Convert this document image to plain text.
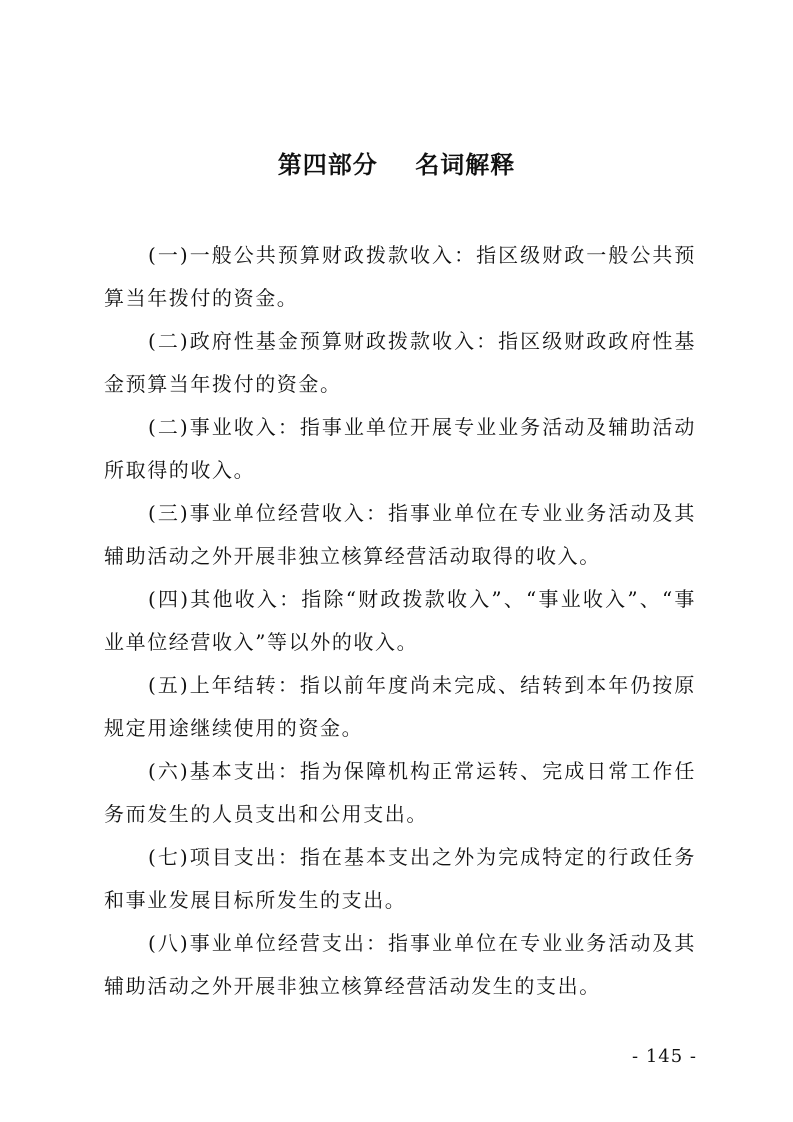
第四部分    名词解释

(一)一般公共预算财政拨款收入：指区级财政一般公共预算当年拨付的资金。

(二)政府性基金预算财政拨款收入：指区级财政政府性基金预算当年拨付的资金。

(二)事业收入：指事业单位开展专业业务活动及辅助活动所取得的收入。

(三)事业单位经营收入：指事业单位在专业业务活动及其辅助活动之外开展非独立核算经营活动取得的收入。

(四)其他收入：指除“财政拨款收入”、“事业收入”、“事业单位经营收入”等以外的收入。

(五)上年结转：指以前年度尚未完成、结转到本年仍按原规定用途继续使用的资金。

(六)基本支出：指为保障机构正常运转、完成日常工作任务而发生的人员支出和公用支出。

(七)项目支出：指在基本支出之外为完成特定的行政任务和事业发展目标所发生的支出。

(八)事业单位经营支出：指事业单位在专业业务活动及其辅助活动之外开展非独立核算经营活动发生的支出。

- 145 -
